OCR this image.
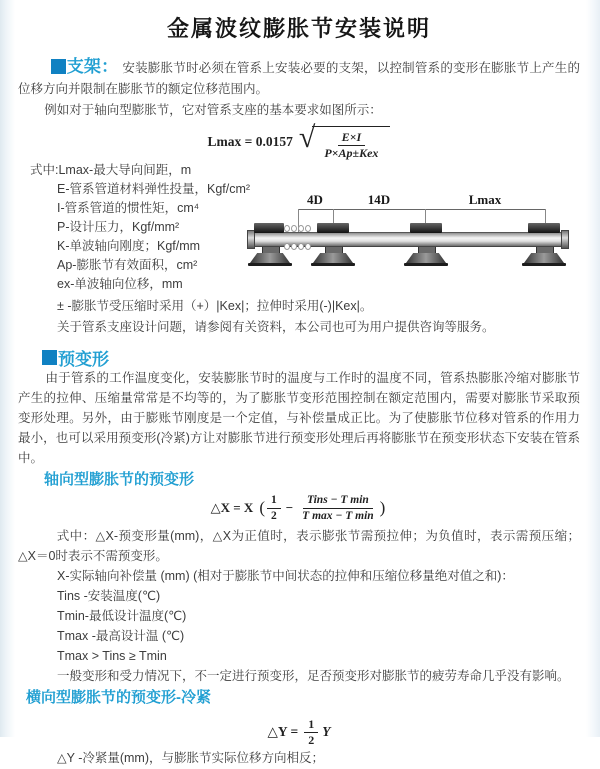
金属波纹膨胀节安装说明

支架： 安装膨胀节时必须在管系上安装必要的支架，以控制管系的变形在膨胀节上产生的位移方向并限制在膨胀节的额定位移范围内。

例如对于轴向型膨胀节，它对管系支座的基本要求如图所示：

Lmax = 0.0157 √ $\frac{E\times I}{\text{P×Ap±Kex}}$
式中:Lmax-最大导向间距，m
E-管系管道材料弹性投量，Kgf/cm²
I-管系管道的惯性矩，cm⁴
P-设计压力，Kgf/mm²
K-单波轴向刚度；Kgf/mm
Ap-膨胀节有效面积，cm²
ex-单波轴向位移，mm
± -膨胀节受压缩时采用（+）|Kex|；拉伸时采用(-)|Kex|。
关于管系支座设计问题，请参阅有关资料，本公司也可为用户提供咨询等服务。
预变形

由于管系的工作温度变化，安装膨胀节时的温度与工作时的温度不同，管系热膨胀冷缩对膨胀节产生的拉伸、压缩量常常是不均等的，为了膨胀节变形范围控制在额定范围内，需要对膨胀节采取预变形处理。另外，由于膨账节刚度是一个定值，与补偿量成正比。为了使膨胀节位移对管系的作用力最小，也可以采用预变形(冷紧)方让对膨胀节进行预变形处理后再将膨胀节在预变形状态下安装在管系中。

轴向型膨胀节的预变形
△X = X ( $\frac{1}{2} - \frac{\text{Tins − T min}}{\text{T max − T min}}$ )

式中：△X-预变形量(mm)，△X为正值时，表示膨张节需预拉伸；为负值时，表示需预压缩；△X＝0时表示不需预变形。

X-实际轴向补偿量 (mm) (相对于膨胀节中间状态的拉伸和压缩位移量绝对值之和)：
Tins -安装温度(℃)
Tmin-最低设计温度(℃)
Tmax -最高设计温 (℃)
Tmax > Tins ≥ Tmin
一般变形和受力情况下，不一定进行预变形，足否预变形对膨胀节的疲劳寿命几乎没有影响。
横向型膨胀节的预变形-冷紧
△Y = $\frac{1}{2}$ Y
△Y -冷紧量(mm)，与膨胀节实际位移方向相反；
4D	14D	Lmax
